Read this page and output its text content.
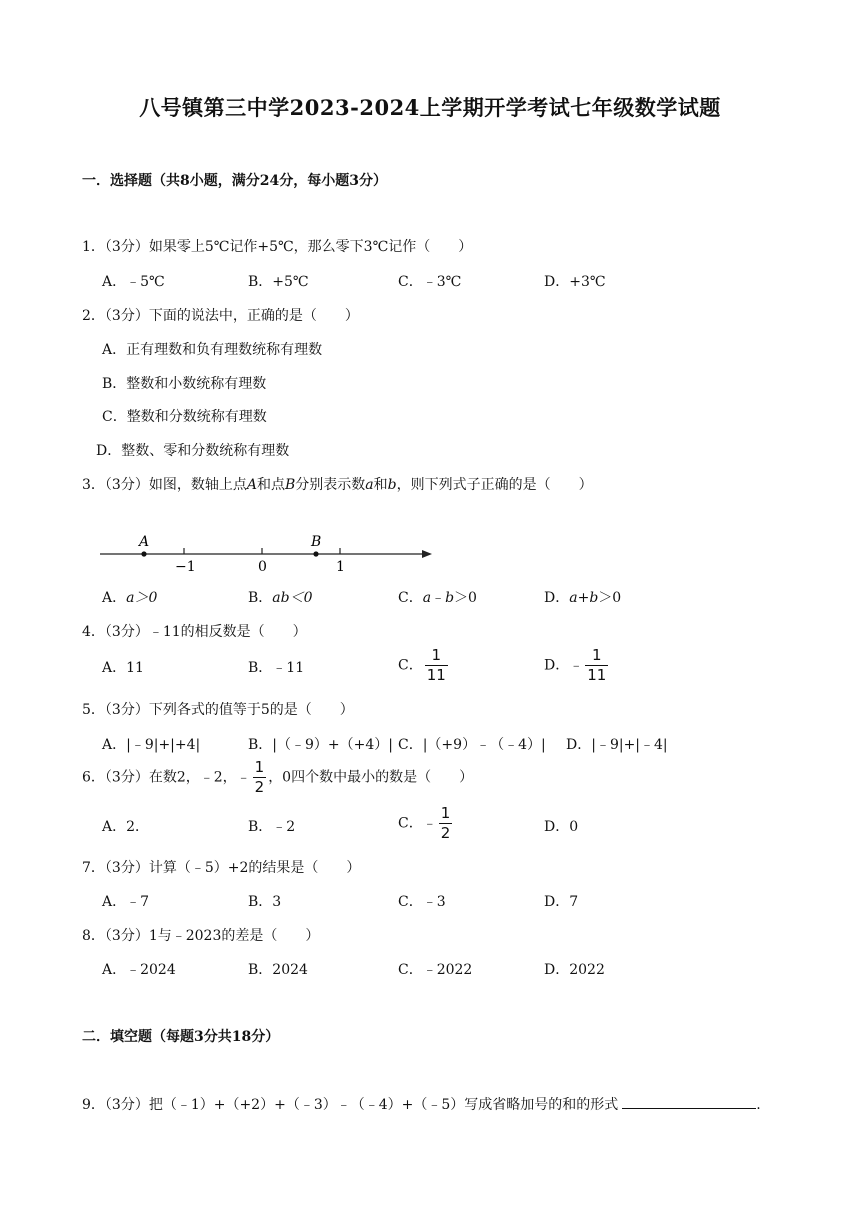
八号镇第三中学2023-2024上学期开学考试七年级数学试题
一．选择题（共8小题，满分24分，每小题3分）
1．（3分）如果零上5℃记作+5℃，那么零下3℃记作（　　）
A．﹣5℃	B．+5℃	C．﹣3℃	D．+3℃
2．（3分）下面的说法中，正确的是（　　）
A．正有理数和负有理数统称有理数
B．整数和小数统称有理数
C．整数和分数统称有理数
D．整数、零和分数统称有理数
3．（3分）如图，数轴上点A和点B分别表示数a和b，则下列式子正确的是（　　）
A	B
−1	0	1
A．a＞0	B．ab＜0	C．a﹣b＞0	D．a+b＞0
4．（3分）﹣11的相反数是（　　）
A．11	B．﹣11	C． $\frac{1}{11}$	D．﹣ $\frac{1}{11}$
5．（3分）下列各式的值等于5的是（　　）
A．|﹣9|+|+4|	B．|（﹣9）+（+4）| C．|（+9）﹣（﹣4）| D．|﹣9|+|﹣4|
6．（3分）在数2，﹣2，﹣ $\frac{1}{2}$ ，0四个数中最小的数是（　　）
A．2．	B．﹣2	C．﹣ $\frac{1}{2}$	D．0
7．（3分）计算（﹣5）+2的结果是（　　）
A．﹣7	B．3	C．﹣3	D．7
8．（3分）1与﹣2023的差是（　　）
A．﹣2024	B．2024	C．﹣2022	D．2022
二．填空题（每题3分共18分）
9．（3分）把（﹣1）+（+2）+（﹣3）﹣（﹣4）+（﹣5）写成省略加号的和的形式	.
